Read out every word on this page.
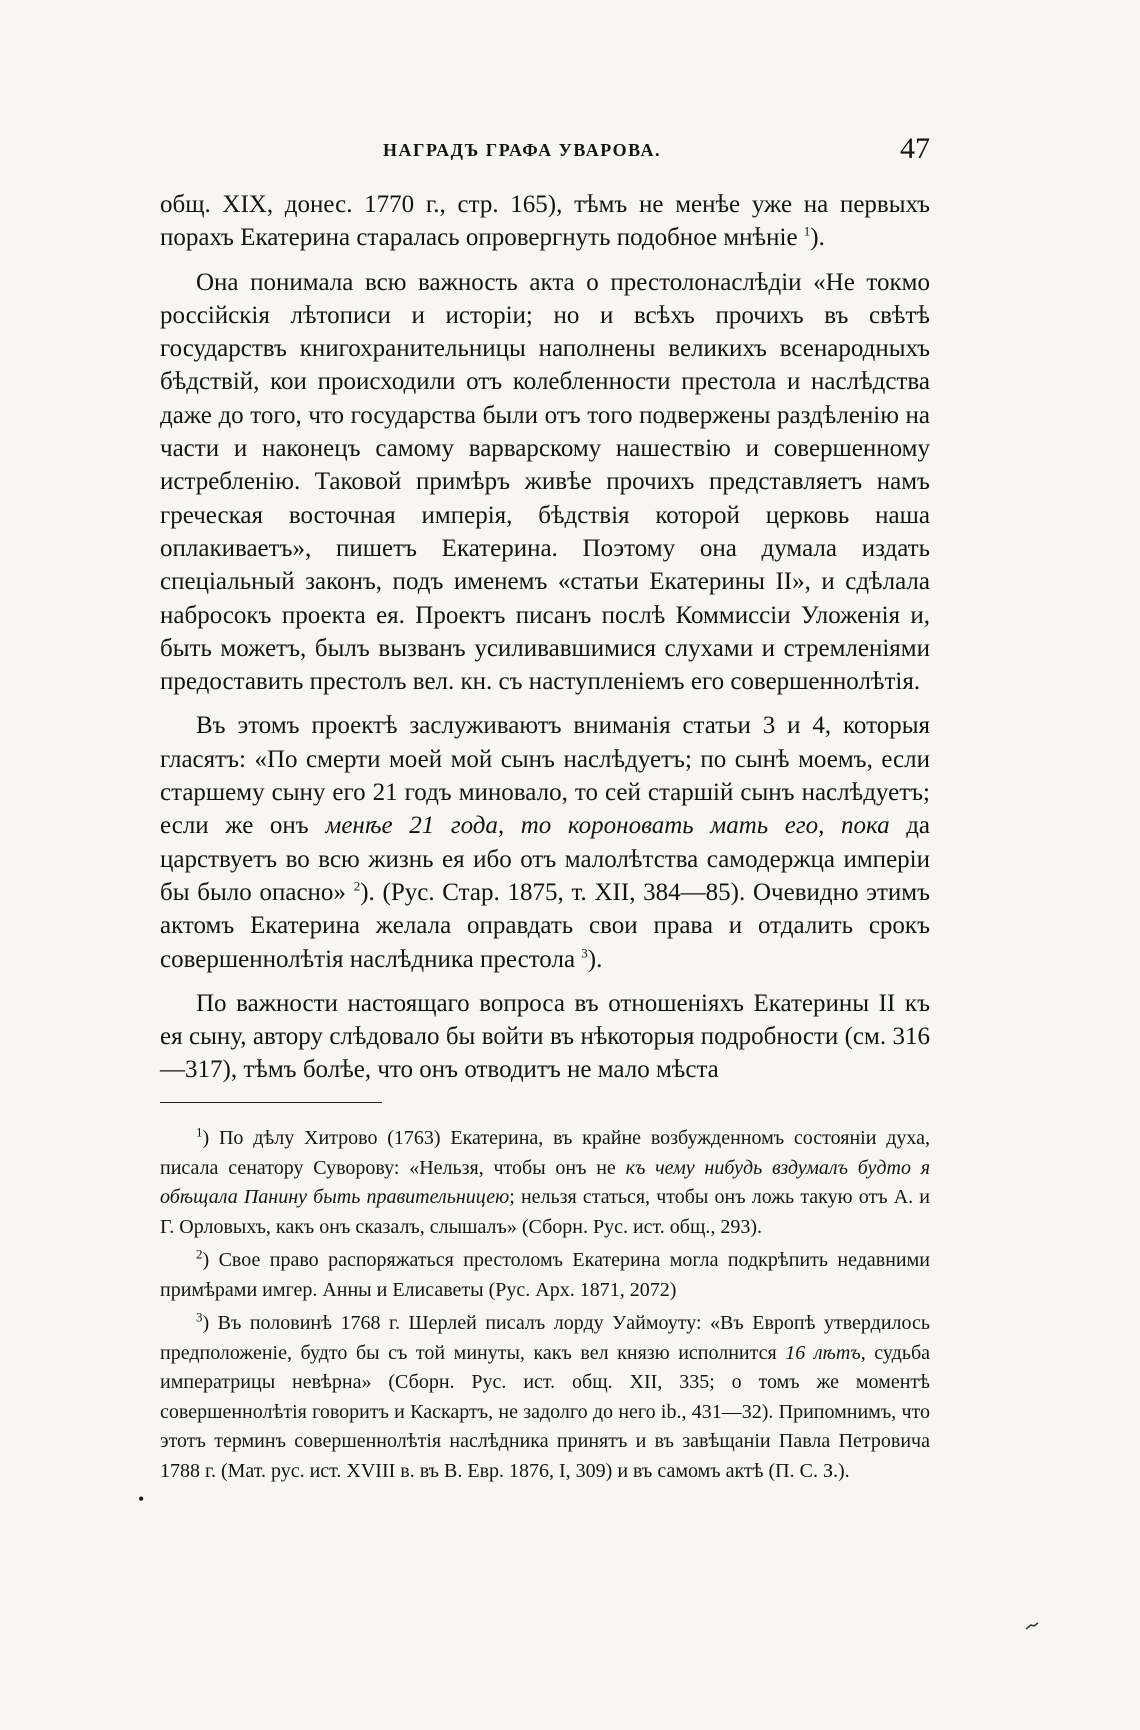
НАГРАДЪ ГРАФА УВАРОВА.	47

общ. XIX, донес. 1770 г., стр. 165), тѣмъ не менѣе уже на первыхъ порахъ Екатерина старалась опровергнуть подобное мнѣніе $^1$).

Она понимала всю важность акта о престолонаслѣдіи «Не токмо россійскія лѣтописи и исторіи; но и всѣхъ прочихъ въ свѣтѣ государствъ книгохранительницы наполнены великихъ всенародныхъ бѣдствій, кои происходили отъ колебленности престола и наслѣдства даже до того, что государства были отъ того подвержены раздѣленію на части и наконецъ самому варварскому нашествію и совершенному истребленію. Таковой примѣръ живѣе прочихъ представляетъ намъ греческая восточная имперія, бѣдствія которой церковь наша оплакиваетъ», пишетъ Екатерина. Поэтому она думала издать спеціальный законъ, подъ именемъ «статьи Екатерины II», и сдѣлала набросокъ проекта ея. Проектъ писанъ послѣ Коммиссіи Уложенія и, быть можетъ, былъ вызванъ усиливавшимися слухами и стремленіями предоставить престолъ вел. кн. съ наступленіемъ его совершеннолѣтія.

Въ этомъ проектѣ заслуживаютъ вниманія статьи 3 и 4, которыя гласятъ: «По смерти моей мой сынъ наслѣдуетъ; по сынѣ моемъ, если старшему сыну его 21 годъ миновало, то сей старшій сынъ наслѣдуетъ; если же онъ менѣе 21 года, то короновать мать его, пока да царствуетъ во всю жизнь ея ибо отъ малолѣтства самодержца имперіи бы было опасно» $^2$). (Рус. Стар. 1875, т. XII, 384—85). Очевидно этимъ актомъ Екатерина желала оправдать свои права и отдалить срокъ совершеннолѣтія наслѣдника престола $^3$).

По важности настоящаго вопроса въ отношеніяхъ Екатерины II къ ея сыну, автору слѣдовало бы войти въ нѣкоторыя подробности (см. 316—317), тѣмъ болѣе, что онъ отводитъ не мало мѣста

$^1$) По дѣлу Хитрово (1763) Екатерина, въ крайне возбужденномъ состояніи духа, писала сенатору Суворову: «Нельзя, чтобы онъ не къ чему нибудь вздумалъ будто я обѣщала Панину быть правительницею; нельзя статься, чтобы онъ ложь такую отъ А. и Г. Орловыхъ, какъ онъ сказалъ, слышалъ» (Сборн. Рус. ист. общ., 293).

$^2$) Свое право распоряжаться престоломъ Екатерина могла подкрѣпить недавними примѣрами имгер. Анны и Елисаветы (Рус. Арх. 1871, 2072)

$^3$) Въ половинѣ 1768 г. Шерлей писалъ лорду Уаймоуту: «Въ Европѣ утвердилось предположеніе, будто бы съ той минуты, какъ вел князю исполнится 16 лѣтъ, судьба императрицы невѣрна» (Сборн. Рус. ист. общ. XII, 335; о томъ же моментѣ совершеннолѣтія говоритъ и Каскартъ, не задолго до него ib., 431—32). Припомнимъ, что этотъ терминъ совершеннолѣтія наслѣдника принятъ и въ завѣщаніи Павла Петровича 1788 г. (Мат. рус. ист. XVIII в. въ В. Евр. 1876, I, 309) и въ самомъ актѣ (П. С. З.).

•
